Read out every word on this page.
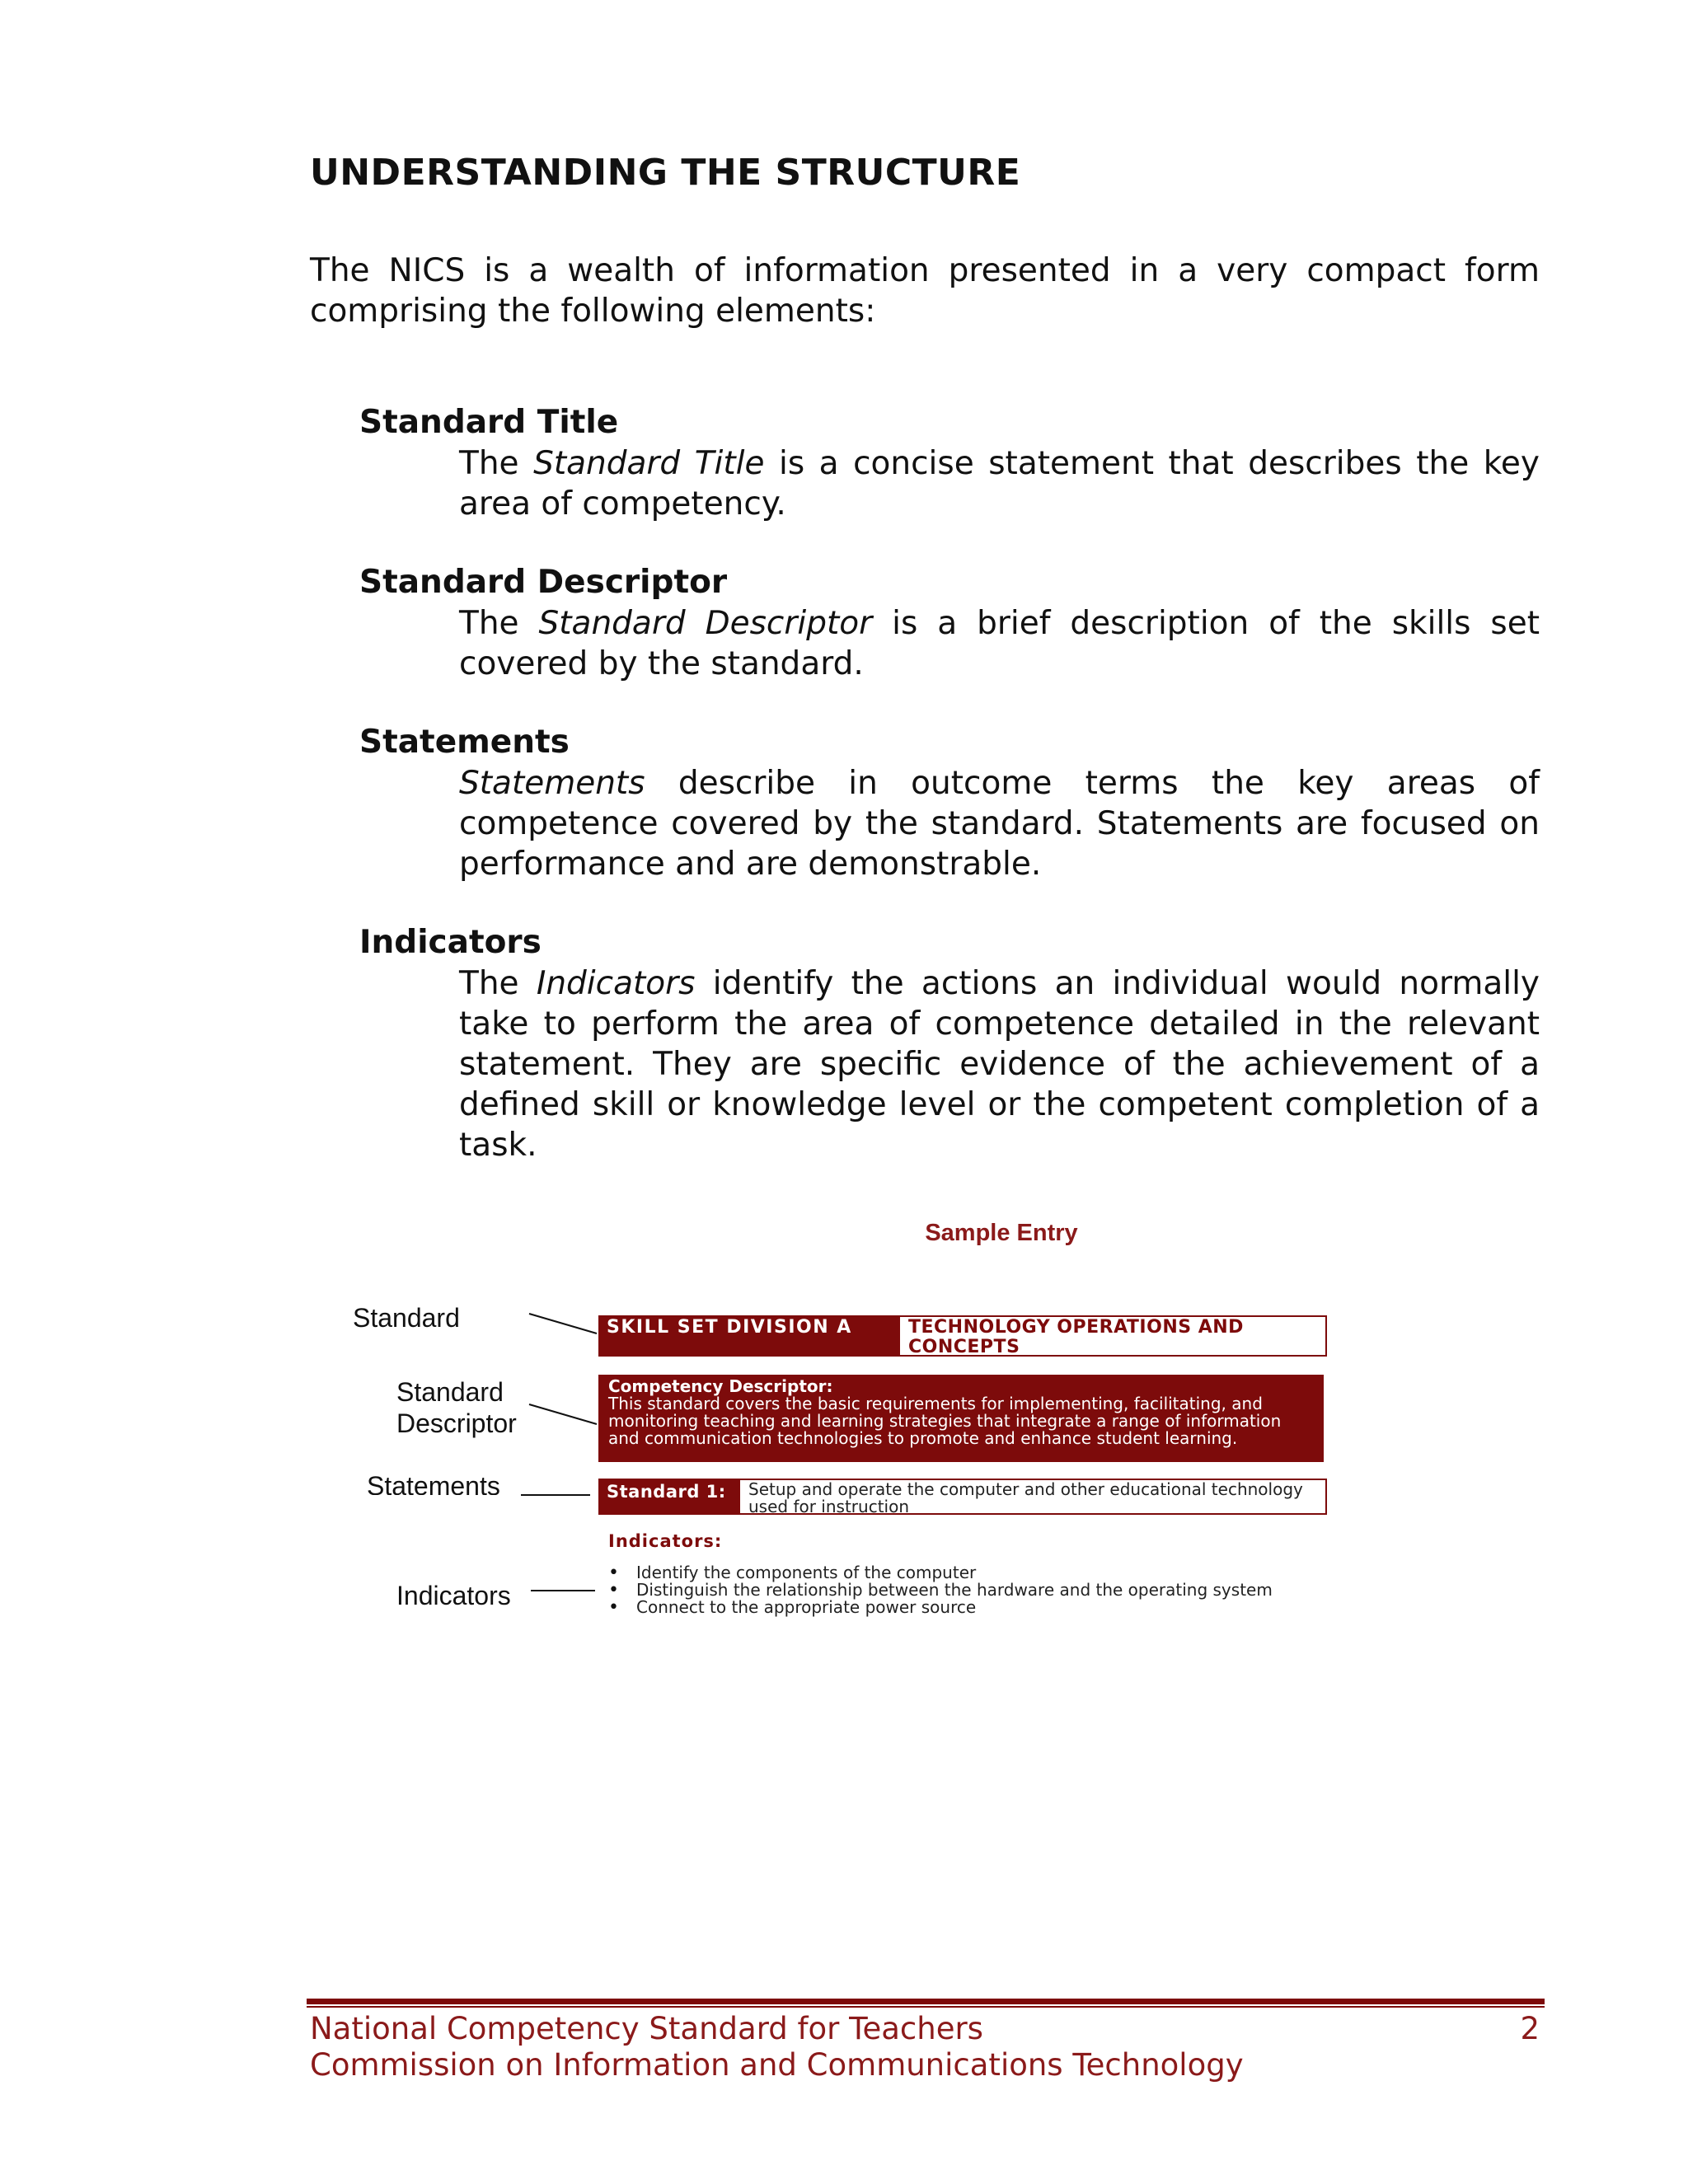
UNDERSTANDING THE STRUCTURE

The NICS is a wealth of information presented in a very compact form comprising the following elements:

Standard Title

The Standard Title is a concise statement that describes the key area of competency.

Standard Descriptor

The Standard Descriptor is a brief description of the skills set covered by the standard.

Statements

Statements describe in outcome terms the key areas of competence covered by the standard. Statements are focused on performance and are demonstrable.

Indicators

The Indicators identify the actions an individual would normally take to perform the area of competence detailed in the relevant statement. They are specific evidence of the achievement of a defined skill or knowledge level or the competent completion of a task.

Sample Entry
Standard
Standard
Descriptor
Statements
Indicators
SKILL SET DIVISION A	TECHNOLOGY OPERATIONS AND CONCEPTS
Competency Descriptor:
This standard covers the basic requirements for implementing, facilitating, and monitoring teaching and learning strategies that integrate a range of information and communication technologies to promote and enhance student learning.
Standard 1:	Setup and operate the computer and other educational technology used for instruction
Indicators:
• Identify the components of the computer
• Distinguish the relationship between the hardware and the operating system
• Connect to the appropriate power source
National Competency Standard for Teachers
Commission on Information and Communications Technology
2
